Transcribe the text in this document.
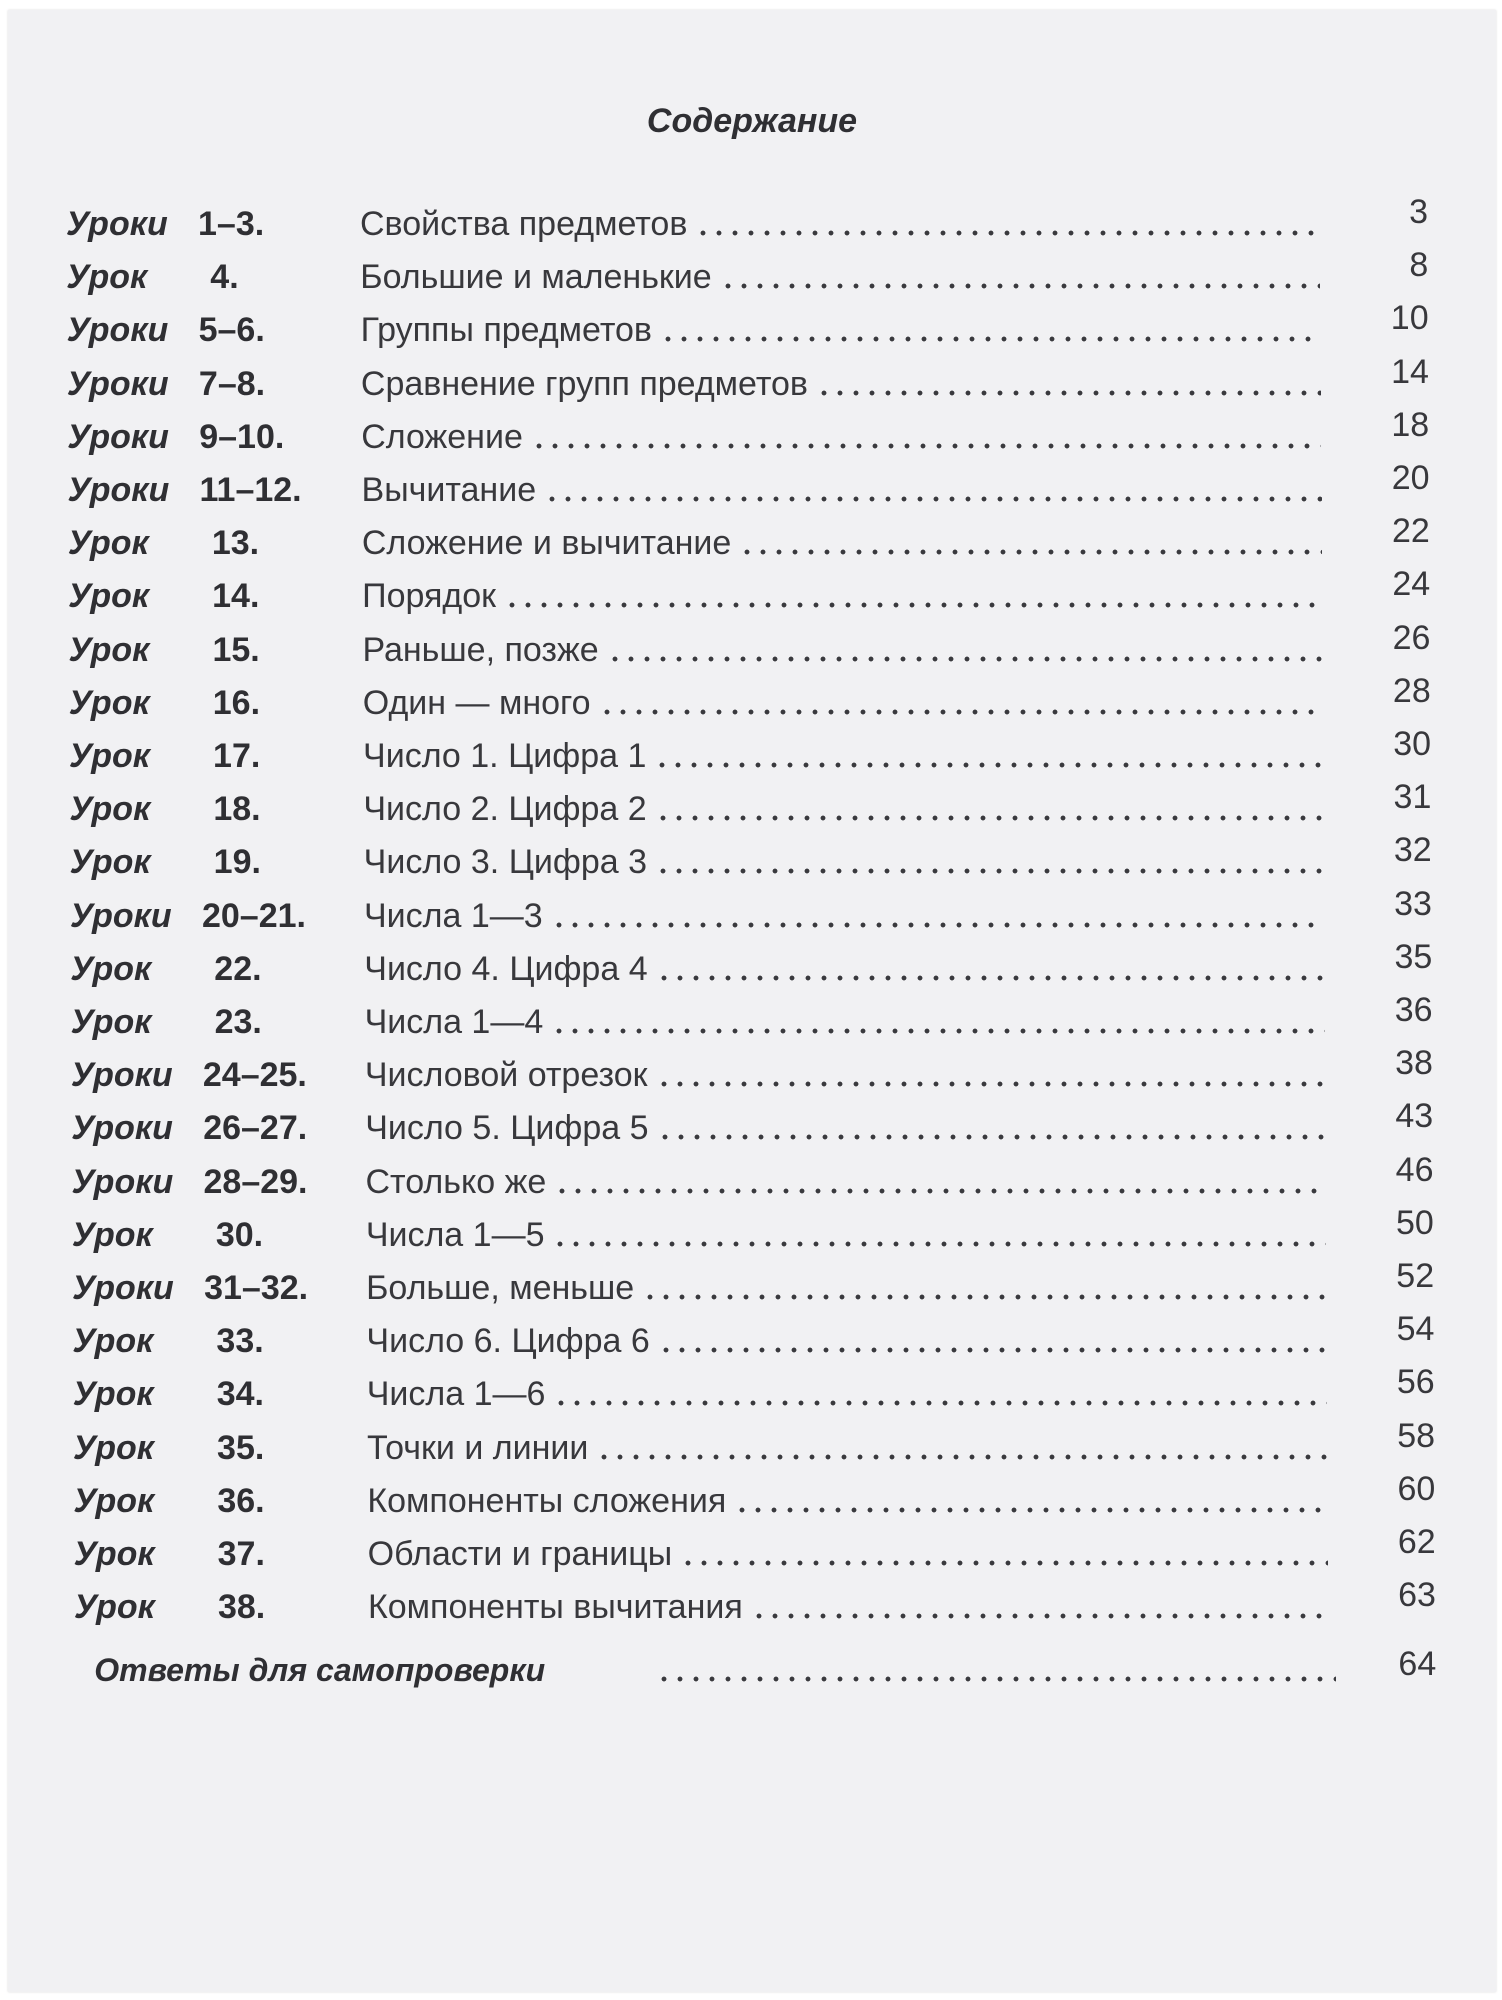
Содержание
Уроки 1–3.	Свойства предметов	3
Урок 4.	Большие и маленькие	8
Уроки 5–6.	Группы предметов	10
Уроки 7–8.	Сравнение групп предметов	14
Уроки 9–10. Сложение	18
Уроки 11–12. Вычитание	20
Урок 13.	Сложение и вычитание	22
Урок 14.	Порядок	24
Урок 15.	Раньше, позже	26
Урок 16.	Один — много	28
Урок 17.	Число 1. Цифра 1	30
Урок 18.	Число 2. Цифра 2	31
Урок 19.	Число 3. Цифра 3	32
Уроки 20–21. Числа 1—3	33
Урок 22.	Число 4. Цифра 4	35
Урок 23.	Числа 1—4	36
Уроки 24–25. Числовой отрезок	38
Уроки 26–27. Число 5. Цифра 5	43
Уроки 28–29. Столько же	46
Урок 30.	Числа 1—5	50
Уроки 31–32. Больше, меньше	52
Урок 33.	Число 6. Цифра 6	54
Урок 34.	Числа 1—6	56
Урок 35.	Точки и линии	58
Урок 36.	Компоненты сложения	60
Урок 37.	Области и границы	62
Урок 38.	Компоненты вычитания	63
Ответы для самопроверки	64
